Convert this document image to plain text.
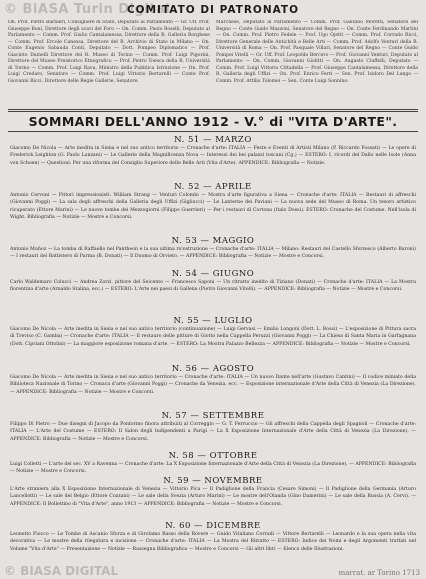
© BiASA Turin Digital
COMITATO DI PATRONATO
On. Prof. Pietro Barbieri, Consigliere di Stato, Deputato al Parlamento — Gr. Uff. Prof. Giuseppe Boni, Direttore degli scavi del Foro — On. Comm. Paolo Boselli, Deputato al Parlamento — Comm. Prof. Giulio Cantalamessa, Direttore della R. Galleria Borghese — Comm. Prof. Ercole Canessa, Direttore del R. Archivio di Stato in Milano — On. Conte Eugenio Sabauda Conti, Deputato — Dott. Pompeo Diplomatico — Prof. Giacinto Dainelli Direttore del R. Museo di Torino — Comm. Prof. Luigi Pigorini, Direttore del Museo Preistorico Etnografico — Prof. Pietro Toesca della R. Università di Torino — Comm. Prof. Luigi Rava, Ministro della Pubblica Istruzione — On. Prof. Luigi Credaro, Senatore — Comm. Prof. Luigi Vittorio Bertarelli — Conte Prof. Giovanni Ricci, Direttore delle Regie Gallerie, Senatore.
Marchese, Deputato al Parlamento — Comm. Prof. Gaetano Moretti, Senatore del Regno — Conte Guido Mazzoni, Senatore del Regno — On. Conte Ferdinando Martini — On. Comm. Prof. Pietro Fedele — Prof. Ugo Ojetti — Comm. Prof. Corrado Ricci, Direttore Generale delle Antichità e Belle Arti — Comm. Prof. Adolfo Venturi della R. Università di Roma — On. Prof. Pasquale Villari, Senatore del Regno — Conte Guido Pompei Vitelli — Gr. Uff. Prof. Leopoldo Bercero — Prof. Giovanni Venturi, Deputato al Parlamento — On. Comm. Giovanni Giolitti — On. Augusto Ciuffelli, Deputato — Comm. Prof. Luigi Vittorio Cittadella — Prof. Giuseppe Cantalamessa, Direttore della R. Galleria degli Uffizi — On. Prof. Enrico Ferri — Sen. Prof. Isidoro Del Lungo — Comm. Prof. Attilio Tolomei — Sen. Conte Luigi Sonnino.
SOMMARI DELL'ANNO 1912 - V.° di "VITA D'ARTE".
N. 51 — MARZO
Giacomo De Nicola — Arte inedita in Siena e nel suo antico territorio — Cronache d'arte: ITALIA — Feste e Eventi di Artisti Milano (P. Riccardo Fossati) — Le opere di Frederick Leighton (G. Paolo Lanzani) — Le Gallerie della Magnificenza Nova — Interessi dei bei palazzi toscani (Cg.) — ESTERO: I, ricordi del Dallo nelle Isole (Anna von Schoen) — Questioni: Per una riforma del Consiglio Superiore delle Belle Arti (Vita d'Arte). APPENDICE: Bibliografia — Notizie.
N. 52 — APRILE
Antonio Cervoni — Pittori impressionisti: William Strang — Venturi Colombi — Mostra d'arte figurativa a Siena — Cronache d'arte: ITALIA — Restauri di affreschi (Giovanni Poggi) — La sala degli affreschi della Galleria degli Uffizi (Gigliucci) — Le Lanterne dei Paviani — La nuova sede del Museo di Roma. Un tesoro artistico ricuperato (Ettore Marini) — Le nuove tombe dei Mezzogiorni (Filippo Guerrieri) — Per i restauri di Cortona (Italo Dossi). ESTERO: Cronache del Costume. Nell'isola di Wight. Bibliografia — Notizie — Mostre e Concorsi.
N. 53 — MAGGIO
Antonio Muñoz — La tomba di Raffaello nel Pantheon e la sua ultima ricostruzione — Cronache d'arte: ITALIA — Milano: Restauri del Castello Sforzesco (Alberto Baroni) — I restauri del Battistero di Parma (B. Donati) — Il Duomo di Orvieto. — APPENDICE: Bibliografia — Notizie — Mostre e Concorsi.
N. 54 — GIUGNO
Carlo Waldemaro Colucci — Andrea Zorzi, pittore del Seicento — Francesco Saponi — Un ritratto inedito di Tiziano (Donati) — Cronache d'arte: ITALIA — La Mostra fiorentina d'arte (Arnaldo Stalina, ecc.) — ESTERO: L'Arte nei paesi di Gallena (Pietro Giovanni Vitelli). — APPENDICE: Bibliografia — Notizie — Mostre e Concorsi.
N. 55 — LUGLIO
Giacomo De Nicola — Arte inedita in Siena e nel suo antico territorio (continuazione) — Luigi Gervasi — Emilio Longoni (Dott. L. Bossi) — L'esposizione di Pittura sacra di Treviso (C. Gamba) — Cronache d'arte: ITALIA — Il restauro delle pitture di Giotto nella Cappella Peruzzi (Giovanni Poggi) — La Chiesa di Santa Maria in Garfagnana (Dott. Cipriani Ottolini) — La maggiore esposizione romana d'arte. — ESTERO: La Mostra Palazzo Bellezza — APPENDICE: Bibliografia — Notizie — Mostre e Concorsi.
N. 56 — AGOSTO
Giacomo De Nicola — Arte inedita in Siena e nel suo antico territorio — Cronache d'arte: ITALIA — Un nuovo Dante nell'arte (Gustavo Cantini) — Il codice miniato della Biblioteca Nazionale di Torino — Cronaca d'arte (Giovanni Poggi) — Cronache da Venezia, ecc. — Esposizione internazionale d'Arte della Città di Venezia (La Direzione). — APPENDICE: Bibliografia — Notizie — Mostre e Concorsi.
N. 57 — SETTEMBRE
Filippo Di Pietro — Due disegni di Jacopo da Pontormo finora attribuiti al Correggio — G. T. Ferruccio — Gli affreschi della Cappella degli Spagnoli — Cronache d'arte: ITALIA — L'Arte del Costume — ESTERO: Il Salon degli Indipendenti a Parigi — La X Esposizione Internazionale d'Arte della Città di Venezia (La Direzione). — APPENDICE: Bibliografia — Notizie — Mostre e Concorsi.
N. 58 — OTTOBRE
Luigi Colletti — L'arte del sec. XV a Ravenna — Cronache d'arte: La X Esposizione Internazionale d'Arte della Città di Venezia (La Direzione). — APPENDICE: Bibliografia — Notizie — Mostre e Concorsi.
N. 59 — NOVEMBRE
L'Arte straniera alla X Esposizione Internazionale di Venezia — Vittorio Pica — Il Padiglione della Francia (Cesare Simoni) — Il Padiglione della Germania (Arturo Lancellotti) — Le sale del Belgio (Ettore Cozzani) — Le sale della Svezia (Arturo Marini) — Le mostre dell'Olanda (Gino Damerini) — Le sale della Russia (A. Cervi). — APPENDICE: Il Bollettino di "Vita d'Arte", anno 1913 — APPENDICE: Bibliografia — Notizie — Mostre e Concorsi.
N. 60 — DICEMBRE
Leonetto Fiocco — Le Tombe di Ascanio Sforza e di Girolamo Basso della Rovere — Guido Vitaliano Corradi — Vittore Bertarelli — Leonardo e la sua opera nella vita decorativa — Le mostre della rilegatura e incisione — Cronache d'arte: ITALIA — La Mostra del Ritratto — ESTERO: Indice dei Nomi e degli Argomenti trattati nel Volume "Vita d'Arte" — Presentazione — Notizie — Rassegna Bibliografica — Mostre e Concorsi — Gli altri libri — Elenco delle Illustrazioni.
© BIASA DIGITAL	marrat. ar Torino 1713
